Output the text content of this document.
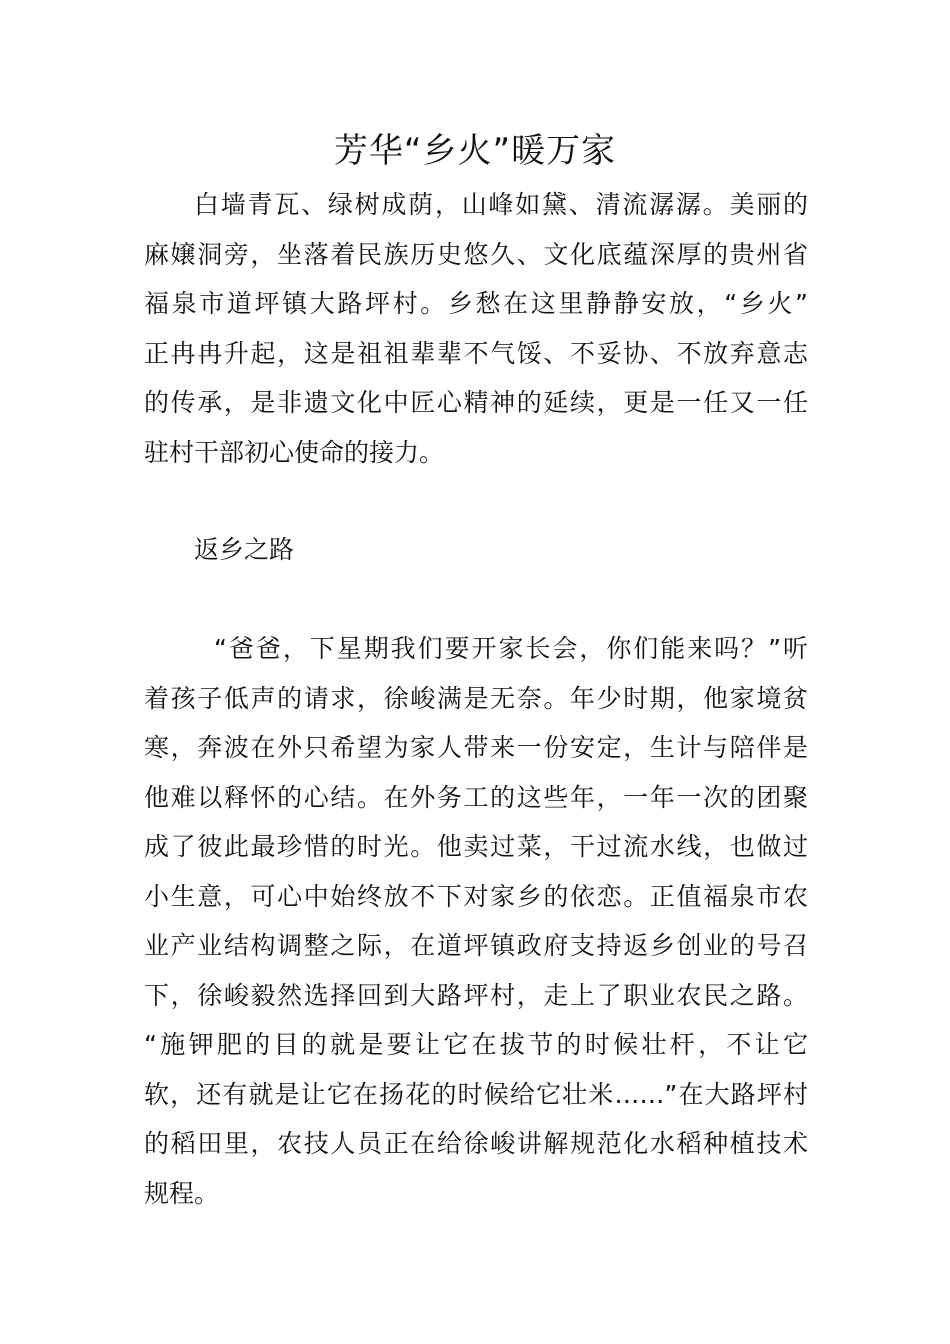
芳华“乡火”暖万家
白墙青瓦、绿树成荫，山峰如黛、清流潺潺。美丽的
麻嬢洞旁，坐落着民族历史悠久、文化底蕴深厚的贵州省
福泉市道坪镇大路坪村。乡愁在这里静静安放，“乡火”
正冉冉升起，这是祖祖辈辈不气馁、不妥协、不放弃意志
的传承，是非遗文化中匠心精神的延续，更是一任又一任
驻村干部初心使命的接力。
返乡之路
“爸爸，下星期我们要开家长会，你们能来吗？”听
着孩子低声的请求，徐峻满是无奈。年少时期，他家境贫
寒，奔波在外只希望为家人带来一份安定，生计与陪伴是
他难以释怀的心结。在外务工的这些年，一年一次的团聚
成了彼此最珍惜的时光。他卖过菜，干过流水线，也做过
小生意，可心中始终放不下对家乡的依恋。正值福泉市农
业产业结构调整之际，在道坪镇政府支持返乡创业的号召
下，徐峻毅然选择回到大路坪村，走上了职业农民之路。
“施钾肥的目的就是要让它在拔节的时候壮杆，不让它
软，还有就是让它在扬花的时候给它壮米……”在大路坪村
的稻田里，农技人员正在给徐峻讲解规范化水稻种植技术
规程。
